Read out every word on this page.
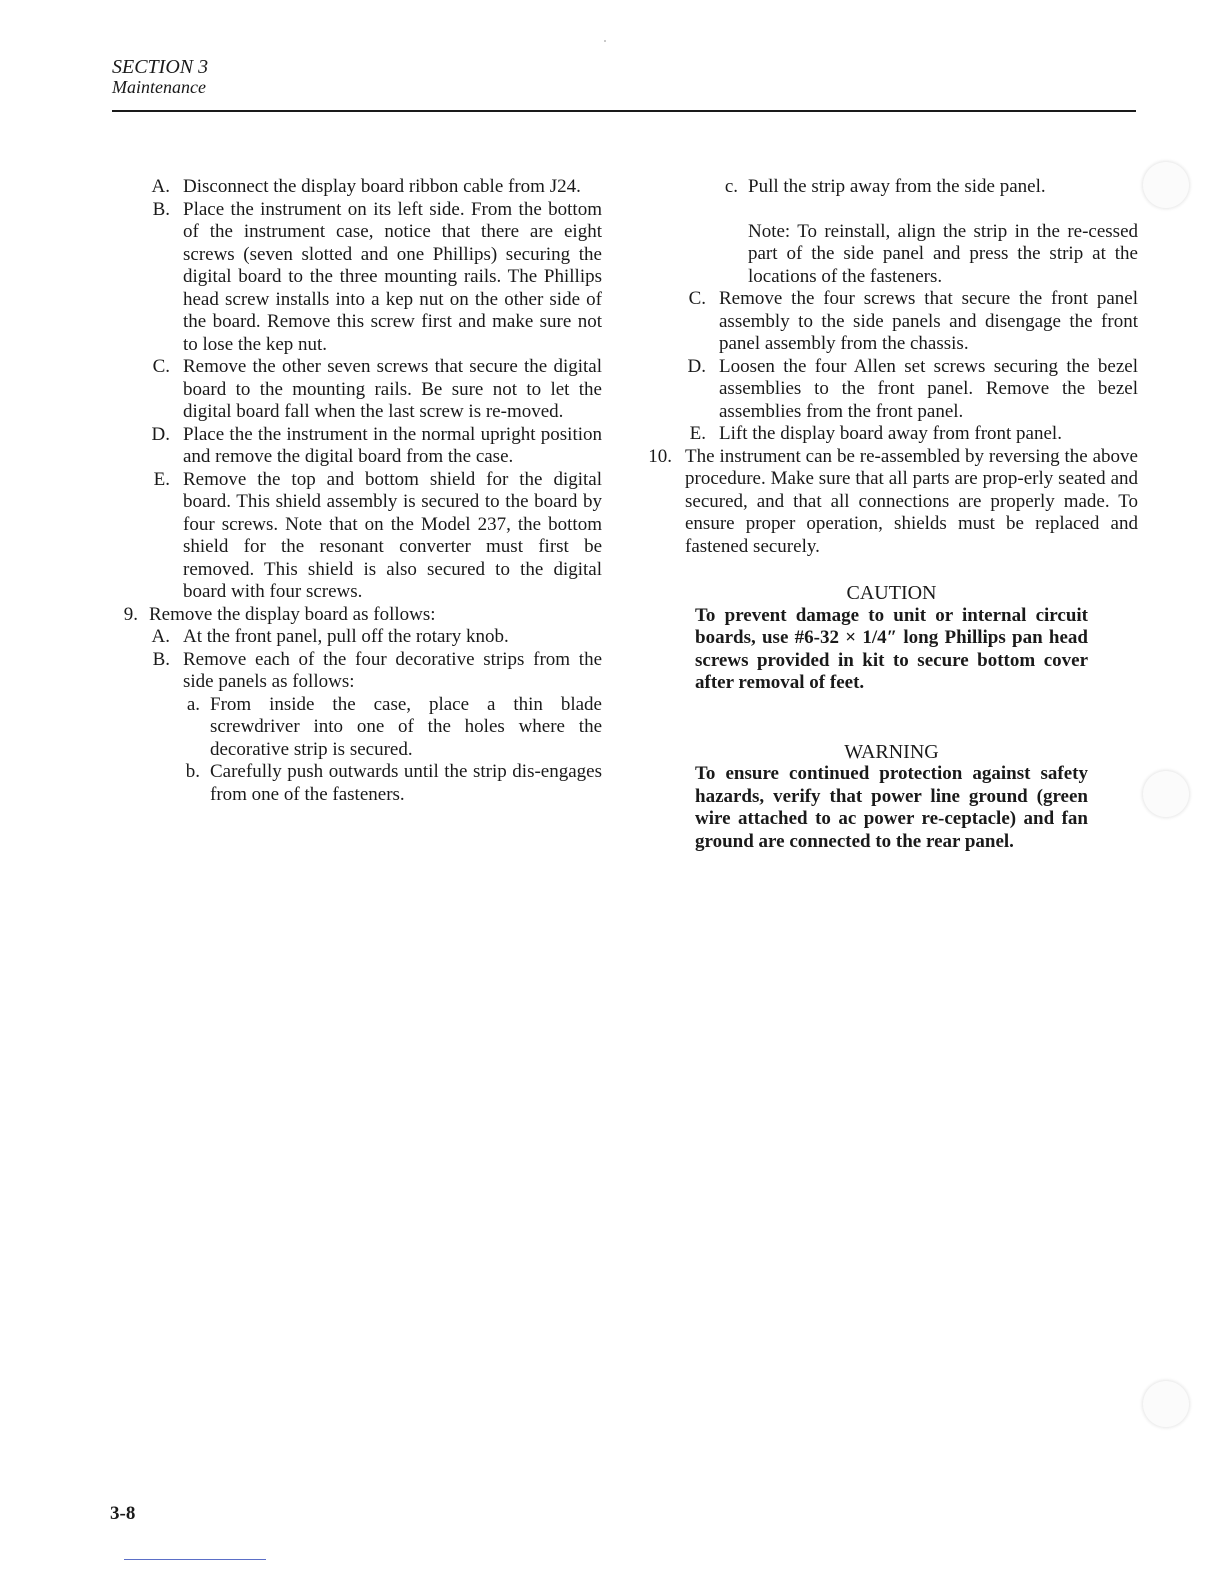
SECTION 3
Maintenance
A. Disconnect the display board ribbon cable from J24.
B. Place the instrument on its left side. From the bottom of the instrument case, notice that there are eight screws (seven slotted and one Phillips) securing the digital board to the three mounting rails. The Phillips head screw installs into a kep nut on the other side of the board. Remove this screw first and make sure not to lose the kep nut.
C. Remove the other seven screws that secure the digital board to the mounting rails. Be sure not to let the digital board fall when the last screw is re-moved.
D. Place the the instrument in the normal upright position and remove the digital board from the case.
E. Remove the top and bottom shield for the digital board. This shield assembly is secured to the board by four screws. Note that on the Model 237, the bottom shield for the resonant converter must first be removed. This shield is also secured to the digital board with four screws.
9. Remove the display board as follows:
A. At the front panel, pull off the rotary knob.
B. Remove each of the four decorative strips from the side panels as follows:
a. From inside the case, place a thin blade screwdriver into one of the holes where the decorative strip is secured.
b. Carefully push outwards until the strip dis-engages from one of the fasteners.
c. Pull the strip away from the side panel.
Note: To reinstall, align the strip in the re-cessed part of the side panel and press the strip at the locations of the fasteners.
C. Remove the four screws that secure the front panel assembly to the side panels and disengage the front panel assembly from the chassis.
D. Loosen the four Allen set screws securing the bezel assemblies to the front panel. Remove the bezel assemblies from the front panel.
E. Lift the display board away from front panel.
10. The instrument can be re-assembled by reversing the above procedure. Make sure that all parts are prop-erly seated and secured, and that all connections are properly made. To ensure proper operation, shields must be replaced and fastened securely.
CAUTION
To prevent damage to unit or internal circuit boards, use #6-32 × 1/4″ long Phillips pan head screws provided in kit to secure bottom cover after removal of feet.
WARNING
To ensure continued protection against safety hazards, verify that power line ground (green wire attached to ac power re-ceptacle) and fan ground are connected to the rear panel.
3-8
